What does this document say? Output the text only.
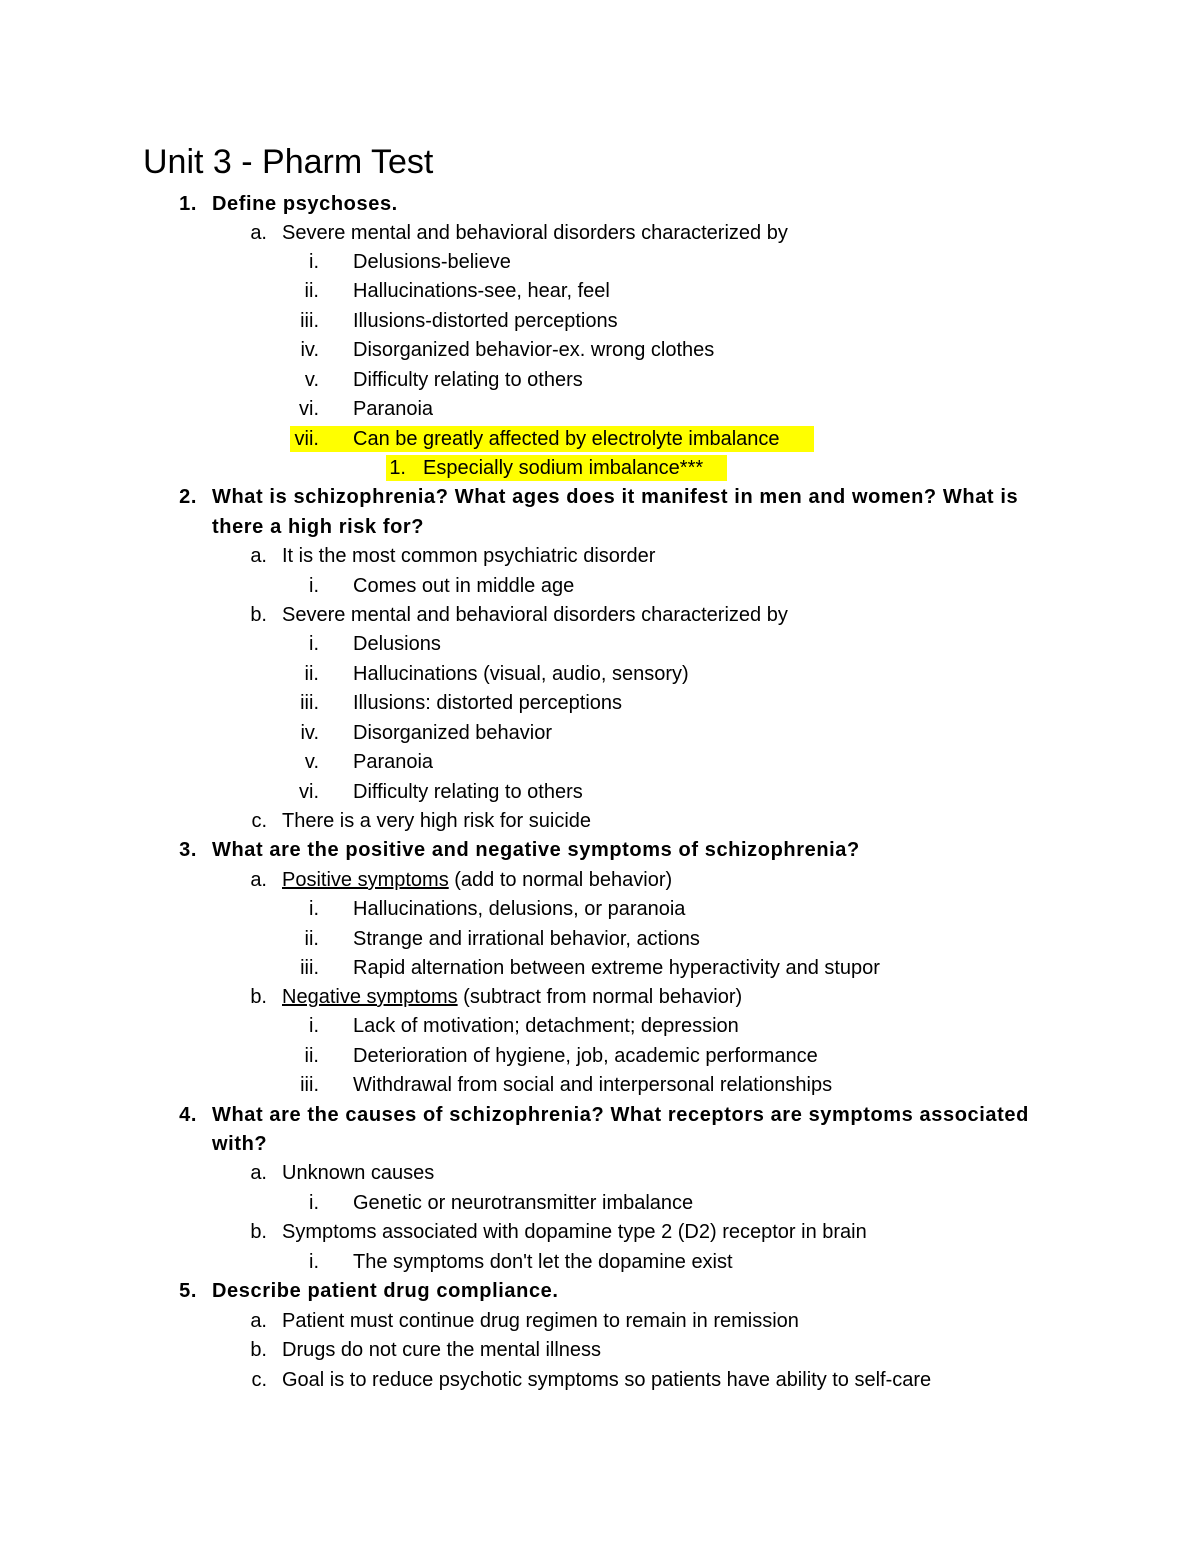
Unit 3 - Pharm Test
1. Define psychoses.
a. Severe mental and behavioral disorders characterized by
i. Delusions-believe
ii. Hallucinations-see, hear, feel
iii. Illusions-distorted perceptions
iv. Disorganized behavior-ex. wrong clothes
v. Difficulty relating to others
vi. Paranoia
vii. Can be greatly affected by electrolyte imbalance
1. Especially sodium imbalance***
2. What is schizophrenia? What ages does it manifest in men and women? What is
there a high risk for?
a. It is the most common psychiatric disorder
i. Comes out in middle age
b. Severe mental and behavioral disorders characterized by
i. Delusions
ii. Hallucinations (visual, audio, sensory)
iii. Illusions: distorted perceptions
iv. Disorganized behavior
v. Paranoia
vi. Difficulty relating to others
c. There is a very high risk for suicide
3. What are the positive and negative symptoms of schizophrenia?
a. Positive symptoms (add to normal behavior)
i. Hallucinations, delusions, or paranoia
ii. Strange and irrational behavior, actions
iii. Rapid alternation between extreme hyperactivity and stupor
b. Negative symptoms (subtract from normal behavior)
i. Lack of motivation; detachment; depression
ii. Deterioration of hygiene, job, academic performance
iii. Withdrawal from social and interpersonal relationships
4. What are the causes of schizophrenia? What receptors are symptoms associated
with?
a. Unknown causes
i. Genetic or neurotransmitter imbalance
b. Symptoms associated with dopamine type 2 (D2) receptor in brain
i. The symptoms don't let the dopamine exist
5. Describe patient drug compliance.
a. Patient must continue drug regimen to remain in remission
b. Drugs do not cure the mental illness
c. Goal is to reduce psychotic symptoms so patients have ability to self-care
